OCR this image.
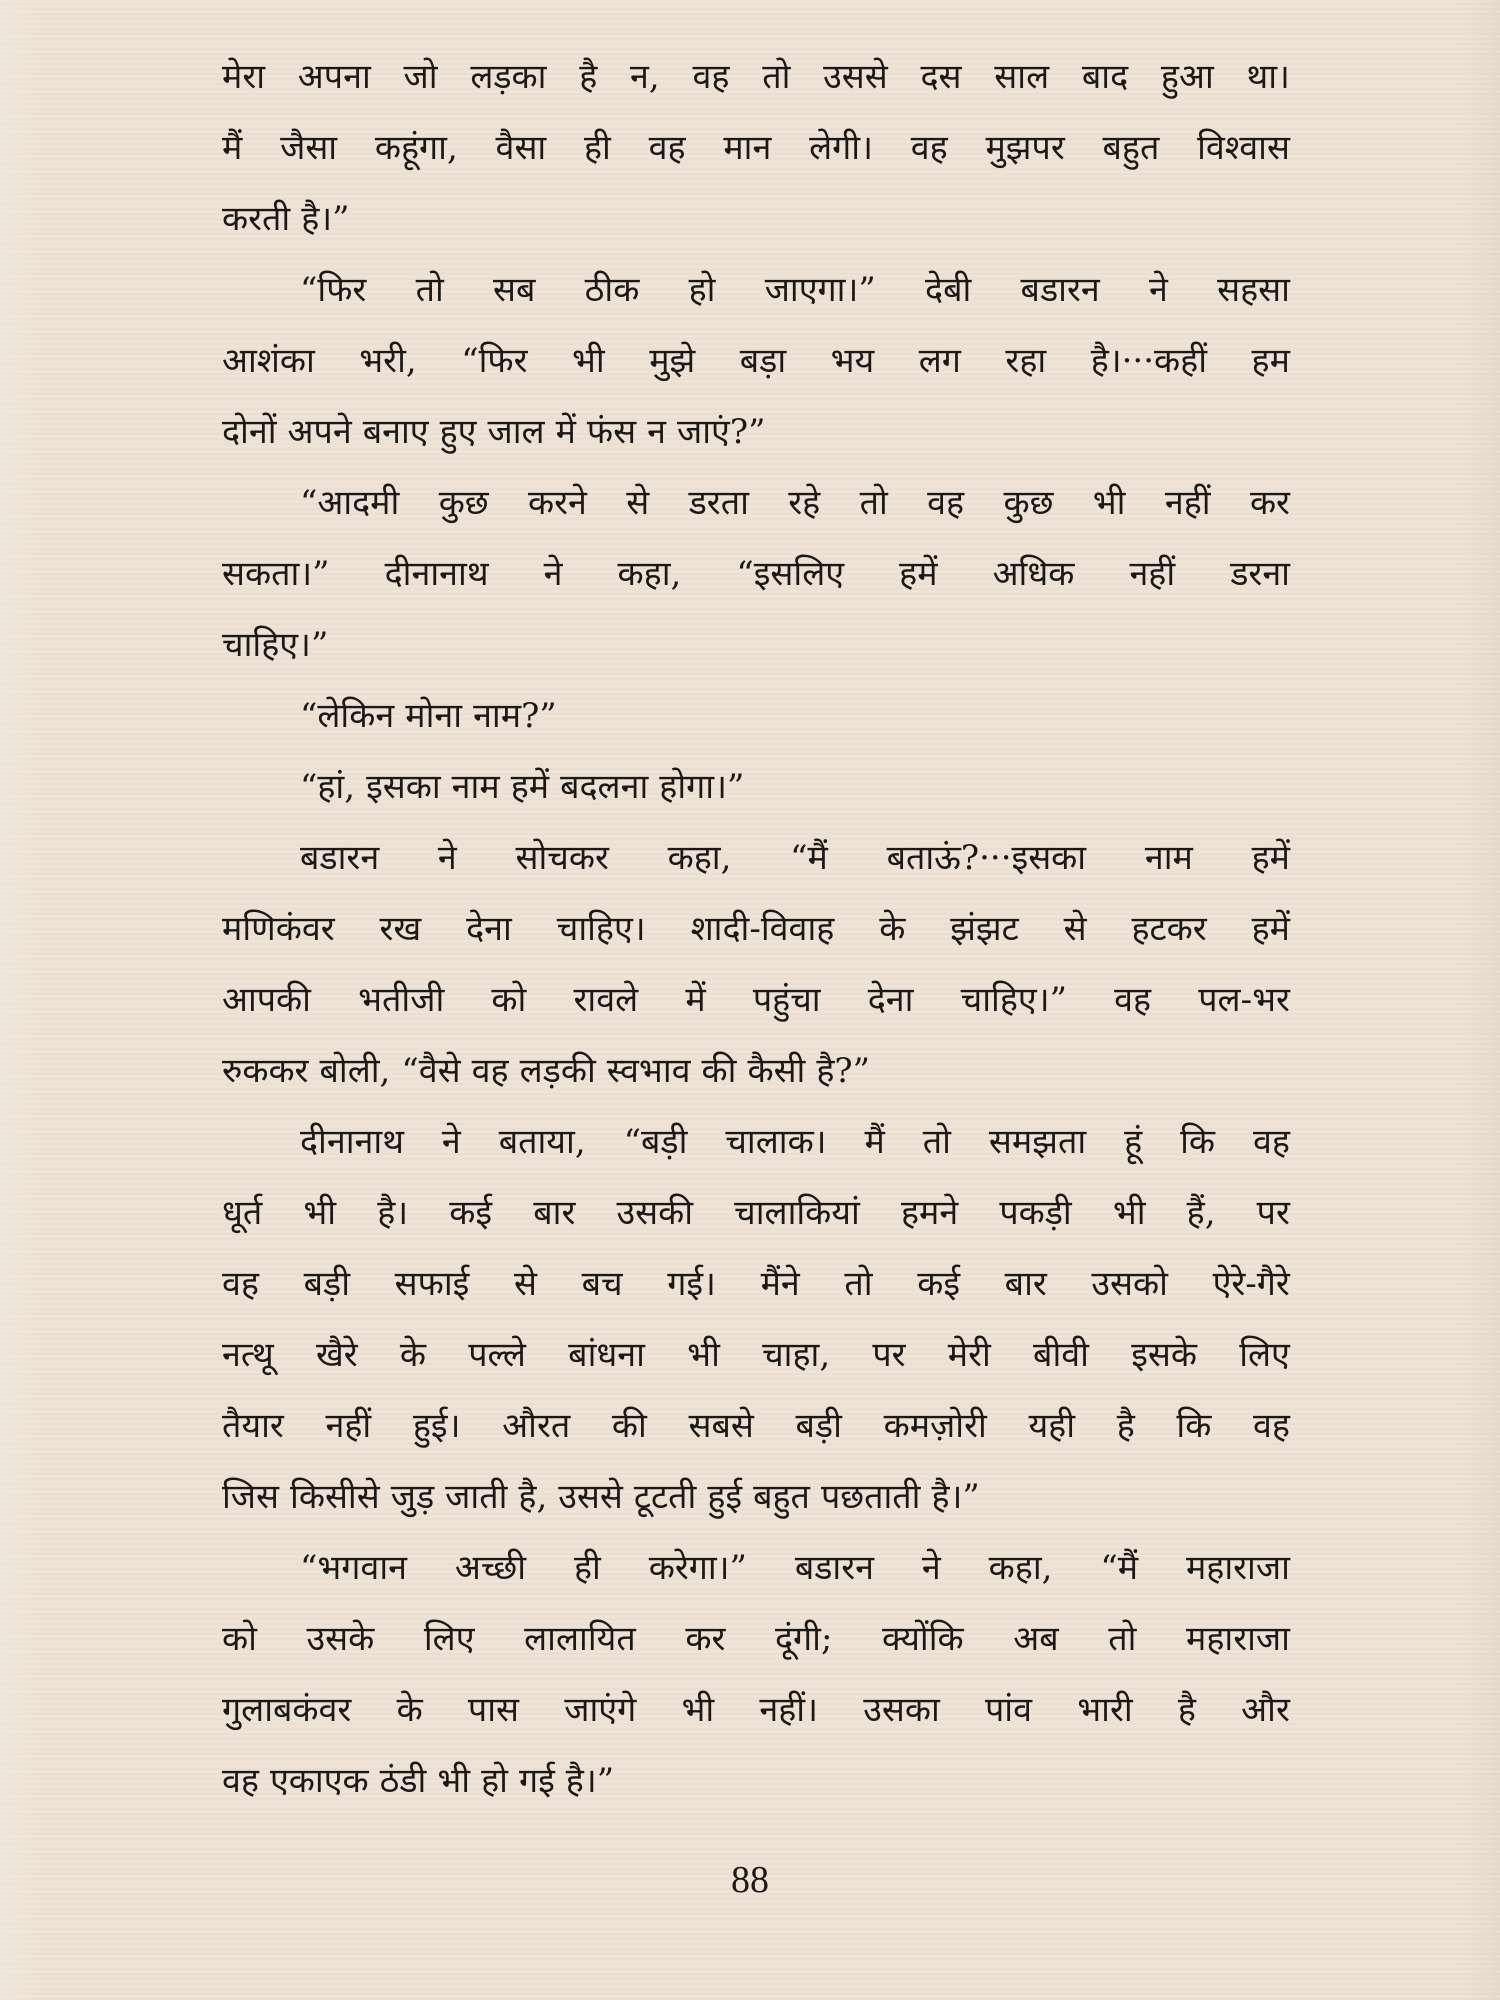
मेरा अपना जो लड़का है न, वह तो उससे दस साल बाद हुआ था।
मैं जैसा कहूंगा, वैसा ही वह मान लेगी। वह मुझपर बहुत विश्वास
करती है।”
“फिर तो सब ठीक हो जाएगा।” देबी बडारन ने सहसा
आशंका भरी, “फिर भी मुझे बड़ा भय लग रहा है।···कहीं हम
दोनों अपने बनाए हुए जाल में फंस न जाएं?”
“आदमी कुछ करने से डरता रहे तो वह कुछ भी नहीं कर
सकता।” दीनानाथ ने कहा, “इसलिए हमें अधिक नहीं डरना
चाहिए।”
“लेकिन मोना नाम?”
“हां, इसका नाम हमें बदलना होगा।”
बडारन ने सोचकर कहा, “मैं बताऊं?···इसका नाम हमें
मणिकंवर रख देना चाहिए। शादी-विवाह के झंझट से हटकर हमें
आपकी भतीजी को रावले में पहुंचा देना चाहिए।” वह पल-भर
रुककर बोली, “वैसे वह लड़की स्वभाव की कैसी है?”
दीनानाथ ने बताया, “बड़ी चालाक। मैं तो समझता हूं कि वह
धूर्त भी है। कई बार उसकी चालाकियां हमने पकड़ी भी हैं, पर
वह बड़ी सफाई से बच गई। मैंने तो कई बार उसको ऐरे-गैरे
नत्थू खैरे के पल्ले बांधना भी चाहा, पर मेरी बीवी इसके लिए
तैयार नहीं हुई। औरत की सबसे बड़ी कमज़ोरी यही है कि वह
जिस किसीसे जुड़ जाती है, उससे टूटती हुई बहुत पछताती है।”
“भगवान अच्छी ही करेगा।” बडारन ने कहा, “मैं महाराजा
को उसके लिए लालायित कर दूंगी; क्योंकि अब तो महाराजा
गुलाबकंवर के पास जाएंगे भी नहीं। उसका पांव भारी है और
वह एकाएक ठंडी भी हो गई है।”
88
